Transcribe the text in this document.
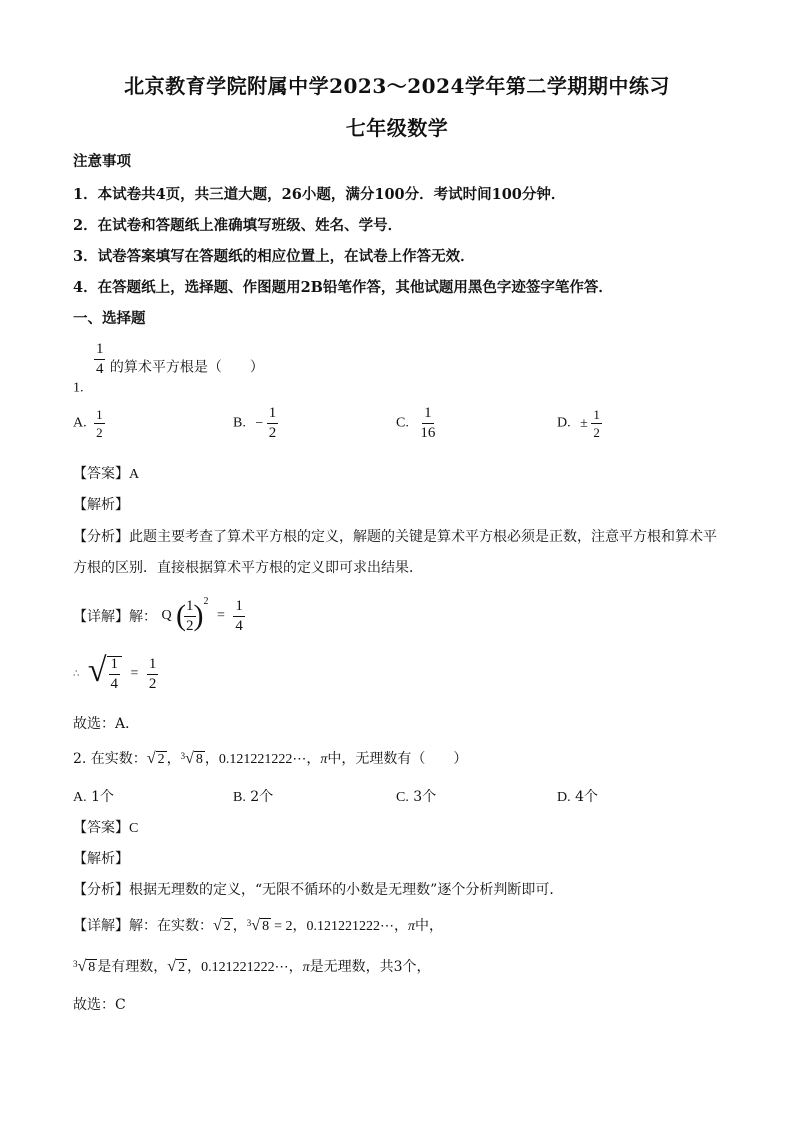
北京教育学院附属中学2023～2024学年第二学期期中练习
七年级数学
注意事项
1．本试卷共4页，共三道大题，26小题，满分100分．考试时间100分钟．
2．在试卷和答题纸上准确填写班级、姓名、学号．
3．试卷答案填写在答题纸的相应位置上，在试卷上作答无效．
4．在答题纸上，选择题、作图题用2B铅笔作答，其他试题用黑色字迹签字笔作答．
一、选择题
1.
$\frac{1}{4}$ 的算术平方根是（　　）
A. $\frac{1}{2}$	B. − $\frac{1}{2}$	C. $\frac{1}{16}$	D. ± $\frac{1}{2}$
【答案】A
【解析】
【分析】此题主要考查了算术平方根的定义，解题的关键是算术平方根必须是正数，注意平方根和算术平
方根的区别．直接根据算术平方根的定义即可求出结果．
【详解】解： Q (
$\frac{1}{2}$
)$^2 = \frac{1}{4}$
∴ √ $\frac{1}{4} = \frac{1}{2}$
故选：A．
2. 在实数： √ 2 ， 3 √ 8 ，0.121221222⋯，π中，无理数有（　　）
A. 1个	B. 2个	C. 3个	D. 4个
【答案】C
【解析】
【分析】根据无理数的定义，“无限不循环的小数是无理数”逐个分析判断即可．
【详解】解：在实数： √ 2 ， 3 √ 8 = 2，0.121221222⋯，π中，
3 √ 8 是有理数， √ 2 ，0.121221222⋯，π是无理数，共3个，
故选：C
